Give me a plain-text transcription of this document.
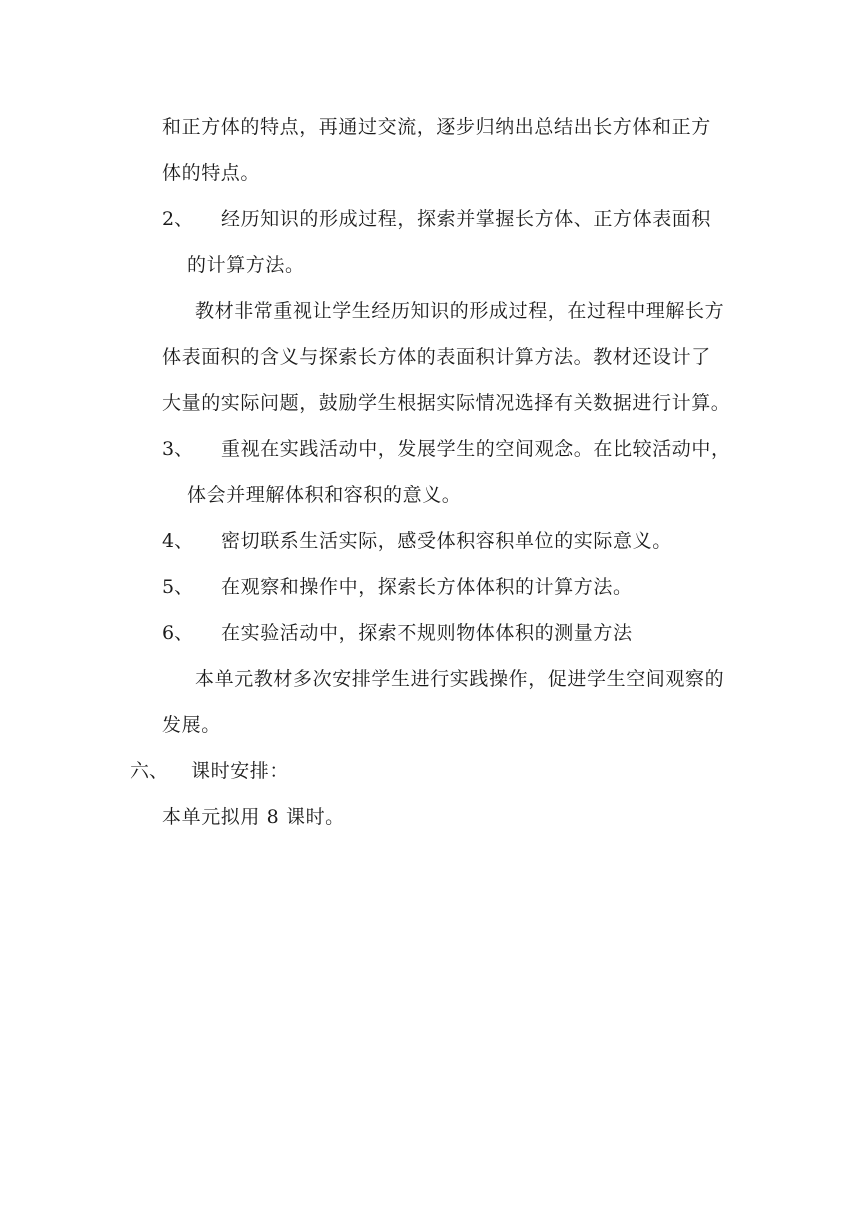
和正方体的特点，再通过交流，逐步归纳出总结出长方体和正方
体的特点。
2、 经历知识的形成过程，探索并掌握长方体、正方体表面积
的计算方法。
教材非常重视让学生经历知识的形成过程，在过程中理解长方
体表面积的含义与探索长方体的表面积计算方法。教材还设计了
大量的实际问题，鼓励学生根据实际情况选择有关数据进行计算。
3、 重视在实践活动中，发展学生的空间观念。在比较活动中，
体会并理解体积和容积的意义。
4、 密切联系生活实际，感受体积容积单位的实际意义。
5、 在观察和操作中，探索长方体体积的计算方法。
6、 在实验活动中，探索不规则物体体积的测量方法
本单元教材多次安排学生进行实践操作，促进学生空间观察的
发展。
六、 课时安排：
本单元拟用 8 课时。
